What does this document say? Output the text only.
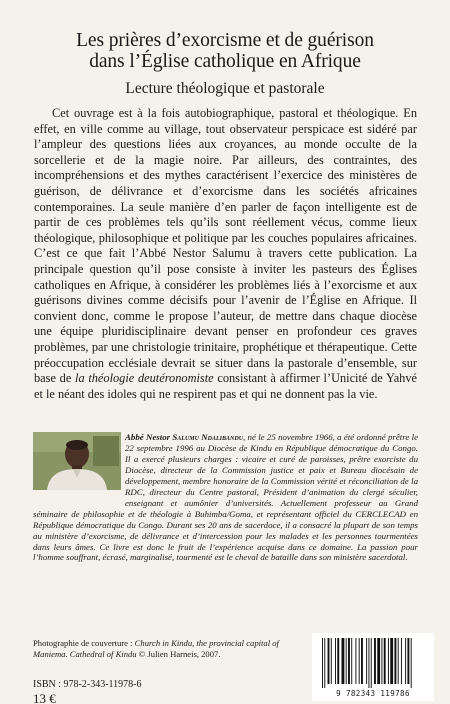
Les prières d’exorcisme et de guérison
dans l’Église catholique en Afrique
Lecture théologique et pastorale

Cet ouvrage est à la fois autobiographique, pastoral et théologique. En effet, en ville comme au village, tout observateur perspicace est sidéré par l’ampleur des questions liées aux croyances, au monde occulte de la sorcellerie et de la magie noire. Par ailleurs, des contraintes, des incompréhensions et des mythes caractérisent l’exercice des ministères de guérison, de délivrance et d’exorcisme dans les sociétés africaines contemporaines. La seule manière d’en parler de façon intelligente est de partir de ces problèmes tels qu’ils sont réellement vécus, comme lieux théologique, philosophique et politique par les couches populaires africaines. C’est ce que fait l’Abbé Nestor Salumu à travers cette publication. La principale question qu’il pose consiste à inviter les pasteurs des Églises catholiques en Afrique, à considérer les problèmes liés à l’exorcisme et aux guérisons divines comme décisifs pour l’avenir de l’Église en Afrique. Il convient donc, comme le propose l’auteur, de mettre dans chaque diocèse une équipe pluridisciplinaire devant penser en profondeur ces graves problèmes, par une christologie trinitaire, prophétique et thérapeutique. Cette préoccupation ecclésiale devrait se situer dans la pastorale d’ensemble, sur base de la théologie deutéronomiste consistant à affirmer l’Unicité de Yahvé et le néant des idoles qui ne respirent pas et qui ne donnent pas la vie.

Abbé Nestor Salumu Ndalibandu, né le 25 novembre 1966, a été ordonné prêtre le 22 septembre 1996 au Diocèse de Kindu en République démocratique du Congo. Il a exercé plusieurs charges : vicaire et curé de paroisses, prêtre exorciste du Diocèse, directeur de la Commission justice et paix et Bureau diocésain de développement, membre honoraire de la Commission vérité et réconciliation de la RDC, directeur du Centre pastoral, Président d’animation du clergé séculier, enseignant et aumônier d’universités. Actuellement professeur au Grand séminaire de philosophie et de théologie à Buhimba/Goma, et représentant officiel du CERCLECAD en République démocratique du Congo. Durant ses 20 ans de sacerdoce, il a consacré la plupart de son temps au ministère d’exorcisme, de délivrance et d’intercession pour les malades et les personnes tourmentées dans leurs âmes. Ce livre est donc le fruit de l’expérience acquise dans ce domaine. La passion pour l’homme souffrant, écrasé, marginalisé, tourmenté est le cheval de bataille dans son ministère sacerdotal.

Photographie de couverture : Church in Kindu, the provincial capital of Maniema. Cathedral of Kindu © Julien Harneis, 2007.
ISBN : 978-2-343-11978-6
13 €	9 782343 119786
